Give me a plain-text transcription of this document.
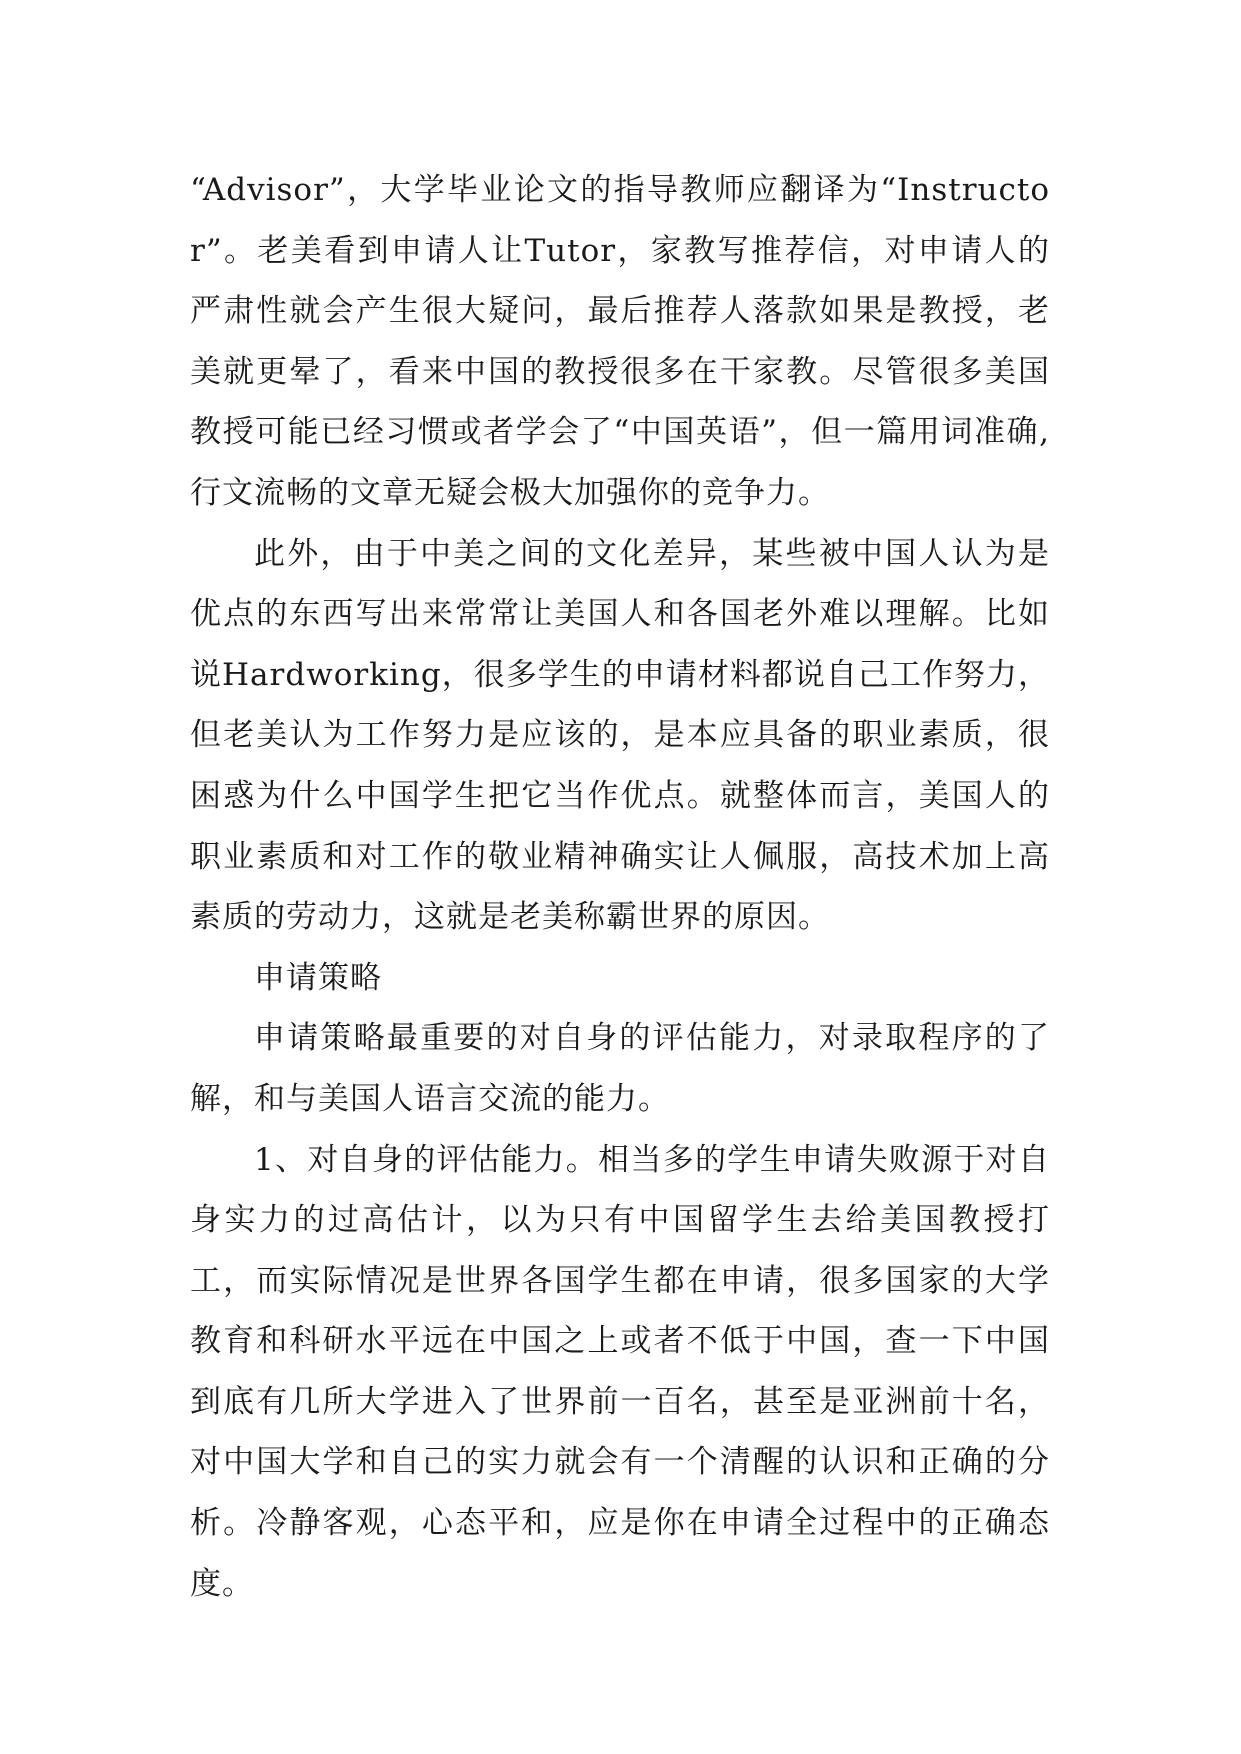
“Advisor”，大学毕业论文的指导教师应翻译为“Instructor”。老美看到申请人让Tutor，家教写推荐信，对申请人的严肃性就会产生很大疑问，最后推荐人落款如果是教授，老美就更晕了，看来中国的教授很多在干家教。尽管很多美国教授可能已经习惯或者学会了“中国英语”，但一篇用词准确,行文流畅的文章无疑会极大加强你的竞争力。

此外，由于中美之间的文化差异，某些被中国人认为是优点的东西写出来常常让美国人和各国老外难以理解。比如说Hardworking，很多学生的申请材料都说自己工作努力，但老美认为工作努力是应该的，是本应具备的职业素质，很困惑为什么中国学生把它当作优点。就整体而言，美国人的职业素质和对工作的敬业精神确实让人佩服，高技术加上高素质的劳动力，这就是老美称霸世界的原因。

申请策略

申请策略最重要的对自身的评估能力，对录取程序的了解，和与美国人语言交流的能力。

1、对自身的评估能力。相当多的学生申请失败源于对自身实力的过高估计，以为只有中国留学生去给美国教授打工，而实际情况是世界各国学生都在申请，很多国家的大学教育和科研水平远在中国之上或者不低于中国，查一下中国到底有几所大学进入了世界前一百名，甚至是亚洲前十名，对中国大学和自己的实力就会有一个清醒的认识和正确的分析。冷静客观，心态平和，应是你在申请全过程中的正确态度。
